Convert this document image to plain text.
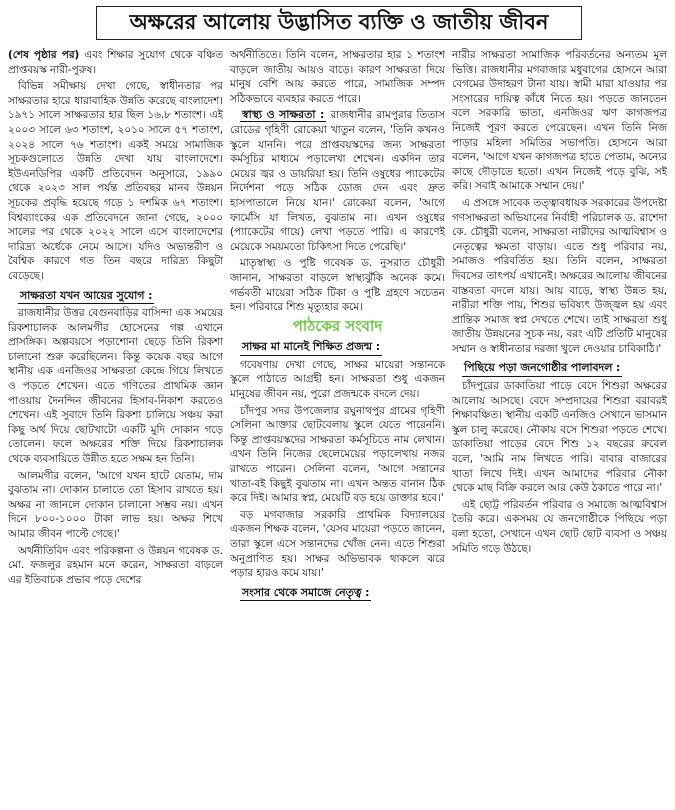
অক্ষরের আলোয় উদ্ভাসিত ব্যক্তি ও জাতীয় জীবন

(শেষ পৃষ্ঠার পর) এবং শিক্ষার সুযোগ থেকে বঞ্চিত প্রাপ্তবয়স্ক নারী-পুরুষ।

বিভিন্ন সমীক্ষায় দেখা গেছে, স্বাধীনতার পর সাক্ষরতার হারে ধারাবাহিক উন্নতি করেছে বাংলাদেশ। ১৯৭১ সালে সাক্ষরতার হার ছিল ১৬.৮ শতাংশ। এই ২০০৩ সালে ৬৩ শতাংশ, ২০১০ সালে ৫৭ শতাংশ, ২০২৪ সালে ৭৬ শতাংশ। একই সময়ে সামাজিক সূচকগুলোতে উন্নতি দেখা যায় বাংলাদেশে। ইউএনডিপির একটি প্রতিবেদন অনুসারে, ১৯৯০ থেকে ২০২৩ সাল পর্যন্ত প্রতিবছর মানব উন্নয়ন সূচকের প্রবৃদ্ধি হয়েছে গড়ে ১ দশমিক ৬৭ শতাংশ। বিশ্বব্যাংকের এক প্রতিবেদনে জানা গেছে, ২০০০ সালের পর থেকে ২০২২ সালে এসে বাংলাদেশের দারিদ্র্য অর্ধেকে নেমে আসে। যদিও অভ্যন্তরীণ ও বৈশ্বিক কারণে গত তিন বছরে দারিদ্র্য কিছুটা বেড়েছে।

সাক্ষরতা যখন আয়ের সুযোগ :

রাজধানীর উত্তর বেগুনবাড়ির বাসিন্দা এক সময়ের রিকশাচালক আলমগীর হোসেনের গল্প এখানে প্রাসঙ্গিক। অল্পবয়সে পড়াশোনা ছেড়ে তিনি রিকশা চালানো শুরু করেছিলেন। কিন্তু কয়েক বছর আগে স্থানীয় এক এনজিওর সাক্ষরতা কেন্দ্রে গিয়ে লিখতে ও পড়তে শেখেন। এতে গণিতের প্রাথমিক জ্ঞান পাওয়ায় দৈনন্দিন জীবনের হিসাব-নিকাশ করতেও শেখেন। এই সুবাদে তিনি রিকশা চালিয়ে সঞ্চয় করা কিছু অর্থ দিয়ে ছোটখাটো একটি মুদি দোকান গড়ে তোলেন। ফলে অক্ষরের শক্তি দিয়ে রিকশাচালক থেকে ব্যবসায়িতে উন্নীত হতে সক্ষম হন তিনি।

আলমগীর বলেন, 'আগে যখন হাটে যেতাম, দাম বুঝতাম না। দোকান চালাতে তো হিসাব রাখতে হয়। অক্ষর না জানলে দোকান চালানো সম্ভব নয়। এখন দিনে ৮০০-১০০০ টাকা লাভ হয়। অক্ষর শিখে আমার জীবন পাল্টে গেছে।'

অর্থনীতিবিদ এবং পরিকল্পনা ও উন্নয়ন গবেষক ড. মো. ফজলুর রহমান মনে করেন, সাক্ষরতা বাড়লে এর ইতিবাচক প্রভাব পড়ে দেশের

অর্থনীতিতে। তিনি বলেন, সাক্ষরতার হার ১ শতাংশ বাড়লে জাতীয় আয়ও বাড়ে। কারণ সাক্ষরতা দিয়ে মানুষ বেশি আয় করতে পারে, সামাজিক সম্পদ সঠিকভাবে ব্যবহার করতে পারে।

স্বাস্থ্য ও সাক্ষরতা : রাজধানীর রামপুরার তিতাস রোডের গৃহিণী রোকেয়া খাতুন বলেন, 'তিনি কখনও স্কুলে যাননি। পরে প্রাপ্তবয়স্কদের জন্য সাক্ষরতা কর্মসূচির মাধ্যমে পড়ালেখা শেখেন। একদিন তার মেয়ের জ্বর ও ডায়রিয়া হয়। তিনি ওষুধের প্যাকেটের নির্দেশনা পড়ে সঠিক ডোজ দেন এবং দ্রুত হাসপাতালে নিয়ে যান।' রোকেয়া বলেন, 'আগে ফার্মেসি যা লিখত, বুঝতাম না। এখন ওষুধের (প্যাকেটের গায়ে) লেখা পড়তে পারি। এ কারণেই মেয়েকে সময়মতো চিকিৎসা দিতে পেরেছি।'

মাতৃস্বাস্থ্য ও পুষ্টি গবেষক ড. নুসরাত চৌধুরী জানান, সাক্ষরতা বাড়লে স্বাস্থ্যঝুঁকি অনেক কমে। গর্ভবতী মায়েরা সঠিক টিকা ও পুষ্টি গ্রহণে সচেতন হন। পরিবারে শিশু মৃত্যুহার কমে।

পাঠকের সংবাদ
সাক্ষর মা মানেই শিক্ষিত প্রজন্ম :

গবেষণায় দেখা গেছে, সাক্ষর মায়েরা সন্তানকে স্কুলে পাঠাতে আগ্রহী হন। সাক্ষরতা শুধু একজন মানুষের জীবন নয়, পুরো প্রজন্মকে বদলে দেয়।

চাঁদপুর সদর উপজেলার রঘুনাথপুর গ্রামের গৃহিণী সেলিনা আক্তার ছোটবেলায় স্কুলে যেতে পারেননি। কিন্তু প্রাপ্তবয়স্কদের সাক্ষরতা কর্মসূচিতে নাম লেখান। এখন তিনি নিজের ছেলেমেয়ের পড়ালেখায় নজর রাখতে পারেন। সেলিনা বলেন, 'আগে সন্তানের খাতা-বই কিছুই বুঝতাম না। এখন অন্তত বানান ঠিক করে দিই। আমার স্বপ্ন, মেয়েটি বড় হয়ে ডাক্তার হবে।'

বড় মগবাজার সরকারি প্রাথমিক বিদ্যালয়ের একজন শিক্ষক বলেন, 'যেসব মায়েরা পড়তে জানেন, তারা স্কুলে এসে সন্তানদের খোঁজ নেন। এতে শিশুরা অনুপ্রাণিত হয়। সাক্ষর অভিভাবক থাকলে ঝরে পড়ার হারও কমে যায়।'

সংসার থেকে সমাজে নেতৃত্ব :

নারীর সাক্ষরতা সামাজিক পরিবর্তনের অন্যতম মূল ভিত্তি। রাজধানীর মগবাজার মধুবাগের হোসনে আরা বেগমের উদাহরণ টানা যায়। স্বামী মারা যাওয়ার পর সংসারের দায়িত্ব কাঁধে নিতে হয়। পড়তে জানতেন বলে সরকারি ভাতা, এনজিওর ঋণ কাগজপত্র নিজেই পূরণ করতে পেরেছেন। এখন তিনি নিজ পাড়ার মহিলা সমিতির সভাপতি। হোসনে আরা বলেন, 'আগে যখন কাগজপত্র হাতে পেতাম, অন্যের কাছে দৌড়াতে হতো। এখন নিজেই পড়ে বুঝি, সই করি। সবাই আমাকে সম্মান দেয়।'

এ প্রসঙ্গে সাবেক তত্ত্বাবধায়ক সরকারের উপদেষ্টা গণসাক্ষরতা অভিযানের নির্বাহী পরিচালক ড. রাশেদা কে. চৌধুরী বলেন, সাক্ষরতা নারীদের আত্মবিশ্বাস ও নেতৃত্বের ক্ষমতা বাড়ায়। এতে শুধু পরিবার নয়, সমাজও পরিবর্তিত হয়। তিনি বলেন, সাক্ষরতা দিবসের তাৎপর্য এখানেই। অক্ষরের আলোয় জীবনের বাস্তবতা বদলে যায়। আয় বাড়ে, স্বাস্থ্য উন্নত হয়, নারীরা শক্তি পায়, শিশুর ভবিষ্যৎ উজ্জ্বল হয় এবং প্রান্তিক সমাজ স্বপ্ন দেখতে শেখে। তাই সাক্ষরতা শুধু জাতীয় উন্নয়নের সূচক নয়, বরং এটি প্রতিটি মানুষের সম্মান ও স্বাধীনতার দরজা খুলে দেওয়ার চাবিকাঠি।'

পিছিয়ে পড়া জনগোষ্ঠীর পালাবদল :

চাঁদপুরের ডাকাতিয়া পাড়ে বেদে শিশুরা অক্ষরের আলোয় আসছে। বেদে সম্প্রদায়ের শিশুরা বরাবরই শিক্ষাবঞ্চিত। স্থানীয় একটি এনজিও সেখানে ভাসমান স্কুল চালু করেছে। নৌকায় বসে শিশুরা পড়তে শেখে। ডাকাতিয়া পাড়ের বেদে শিশু ১২ বছরের রুবেল বলে, 'আমি নাম লিখতে পারি। বাবার বাজারের খাতা লিখে দিই। এখন আমাদের পরিবার নৌকা থেকে মাছ বিক্রি করলে আর কেউ ঠকাতে পারে না।'

এই ছোট্ট পরিবর্তন পরিবার ও সমাজে আত্মবিশ্বাস তৈরি করে। একসময় যে জনগোষ্ঠীকে পিছিয়ে পড়া বলা হতো, সেখানে এখন ছোট ছোট ব্যবসা ও সঞ্চয় সমিতি গড়ে উঠছে।
